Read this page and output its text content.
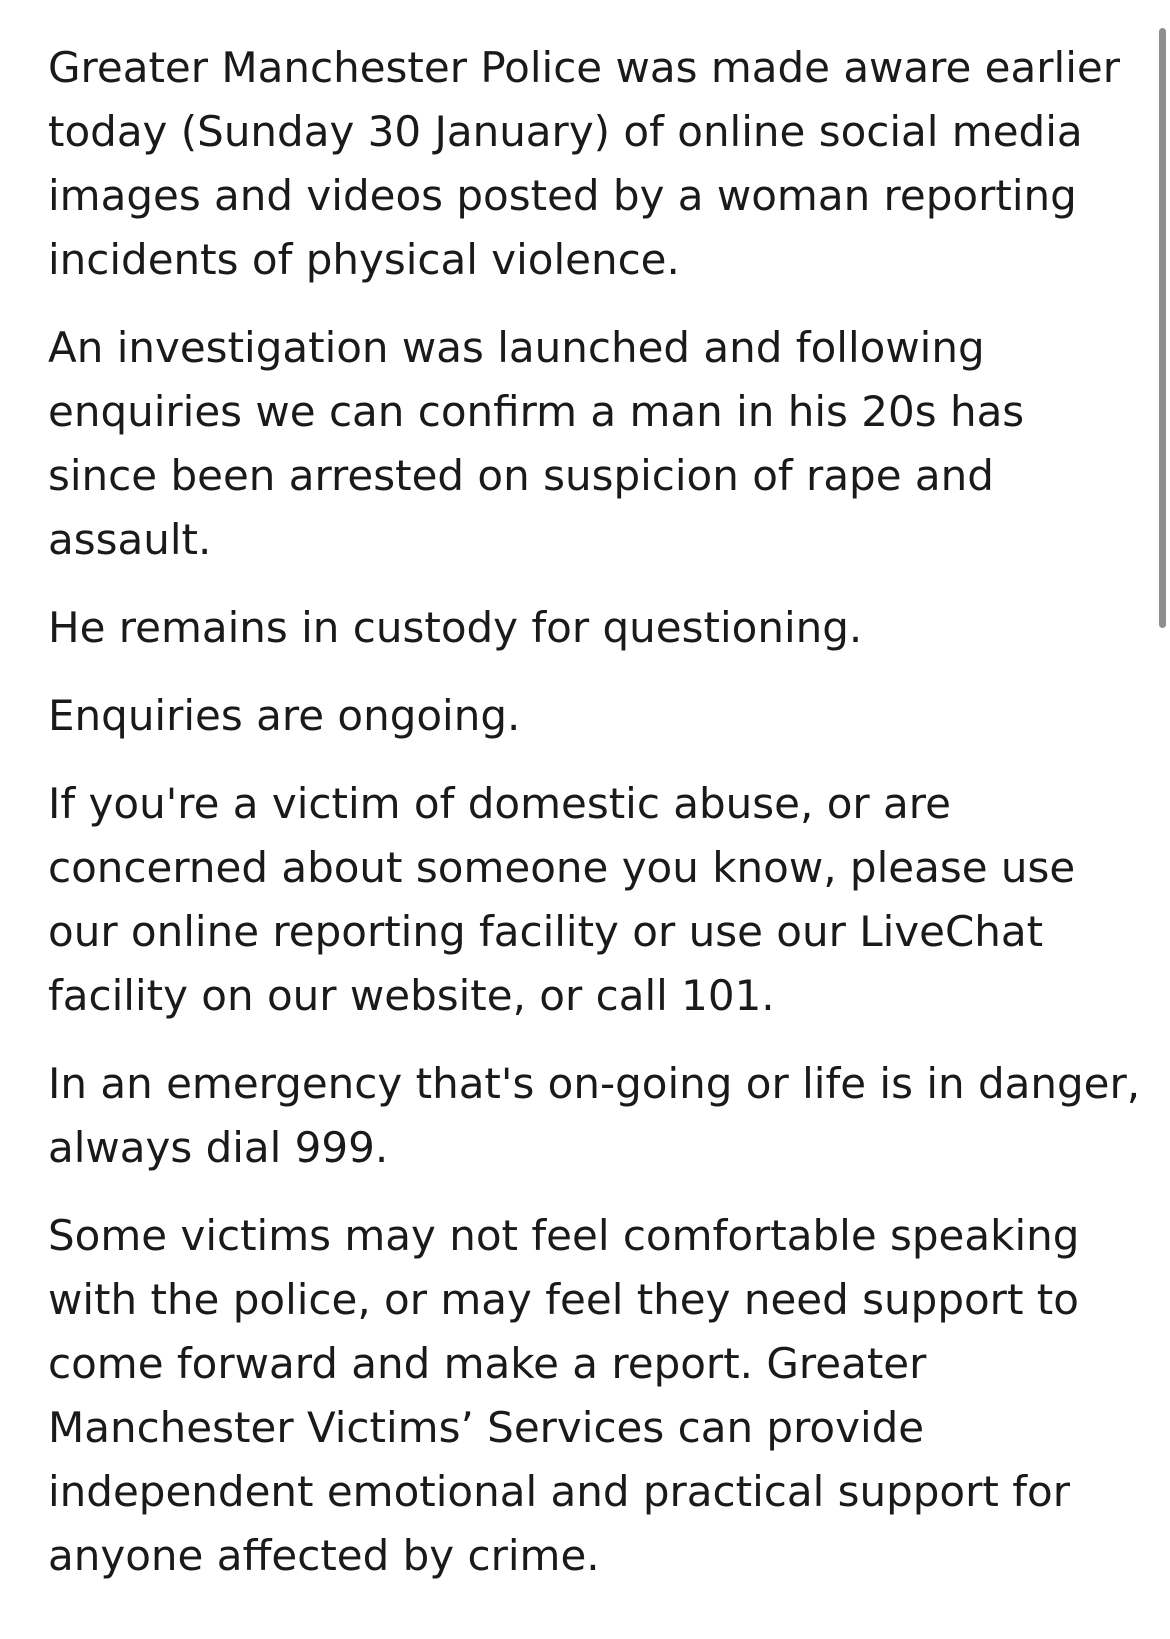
Greater Manchester Police was made aware earlier
today (Sunday 30 January) of online social media
images and videos posted by a woman reporting
incidents of physical violence.

An investigation was launched and following
enquiries we can confirm a man in his 20s has
since been arrested on suspicion of rape and
assault.

He remains in custody for questioning.

Enquiries are ongoing.

If you're a victim of domestic abuse, or are
concerned about someone you know, please use
our online reporting facility or use our LiveChat
facility on our website, or call 101.

In an emergency that's on-going or life is in danger,
always dial 999.

Some victims may not feel comfortable speaking
with the police, or may feel they need support to
come forward and make a report. Greater
Manchester Victims’ Services can provide
independent emotional and practical support for
anyone affected by crime.
